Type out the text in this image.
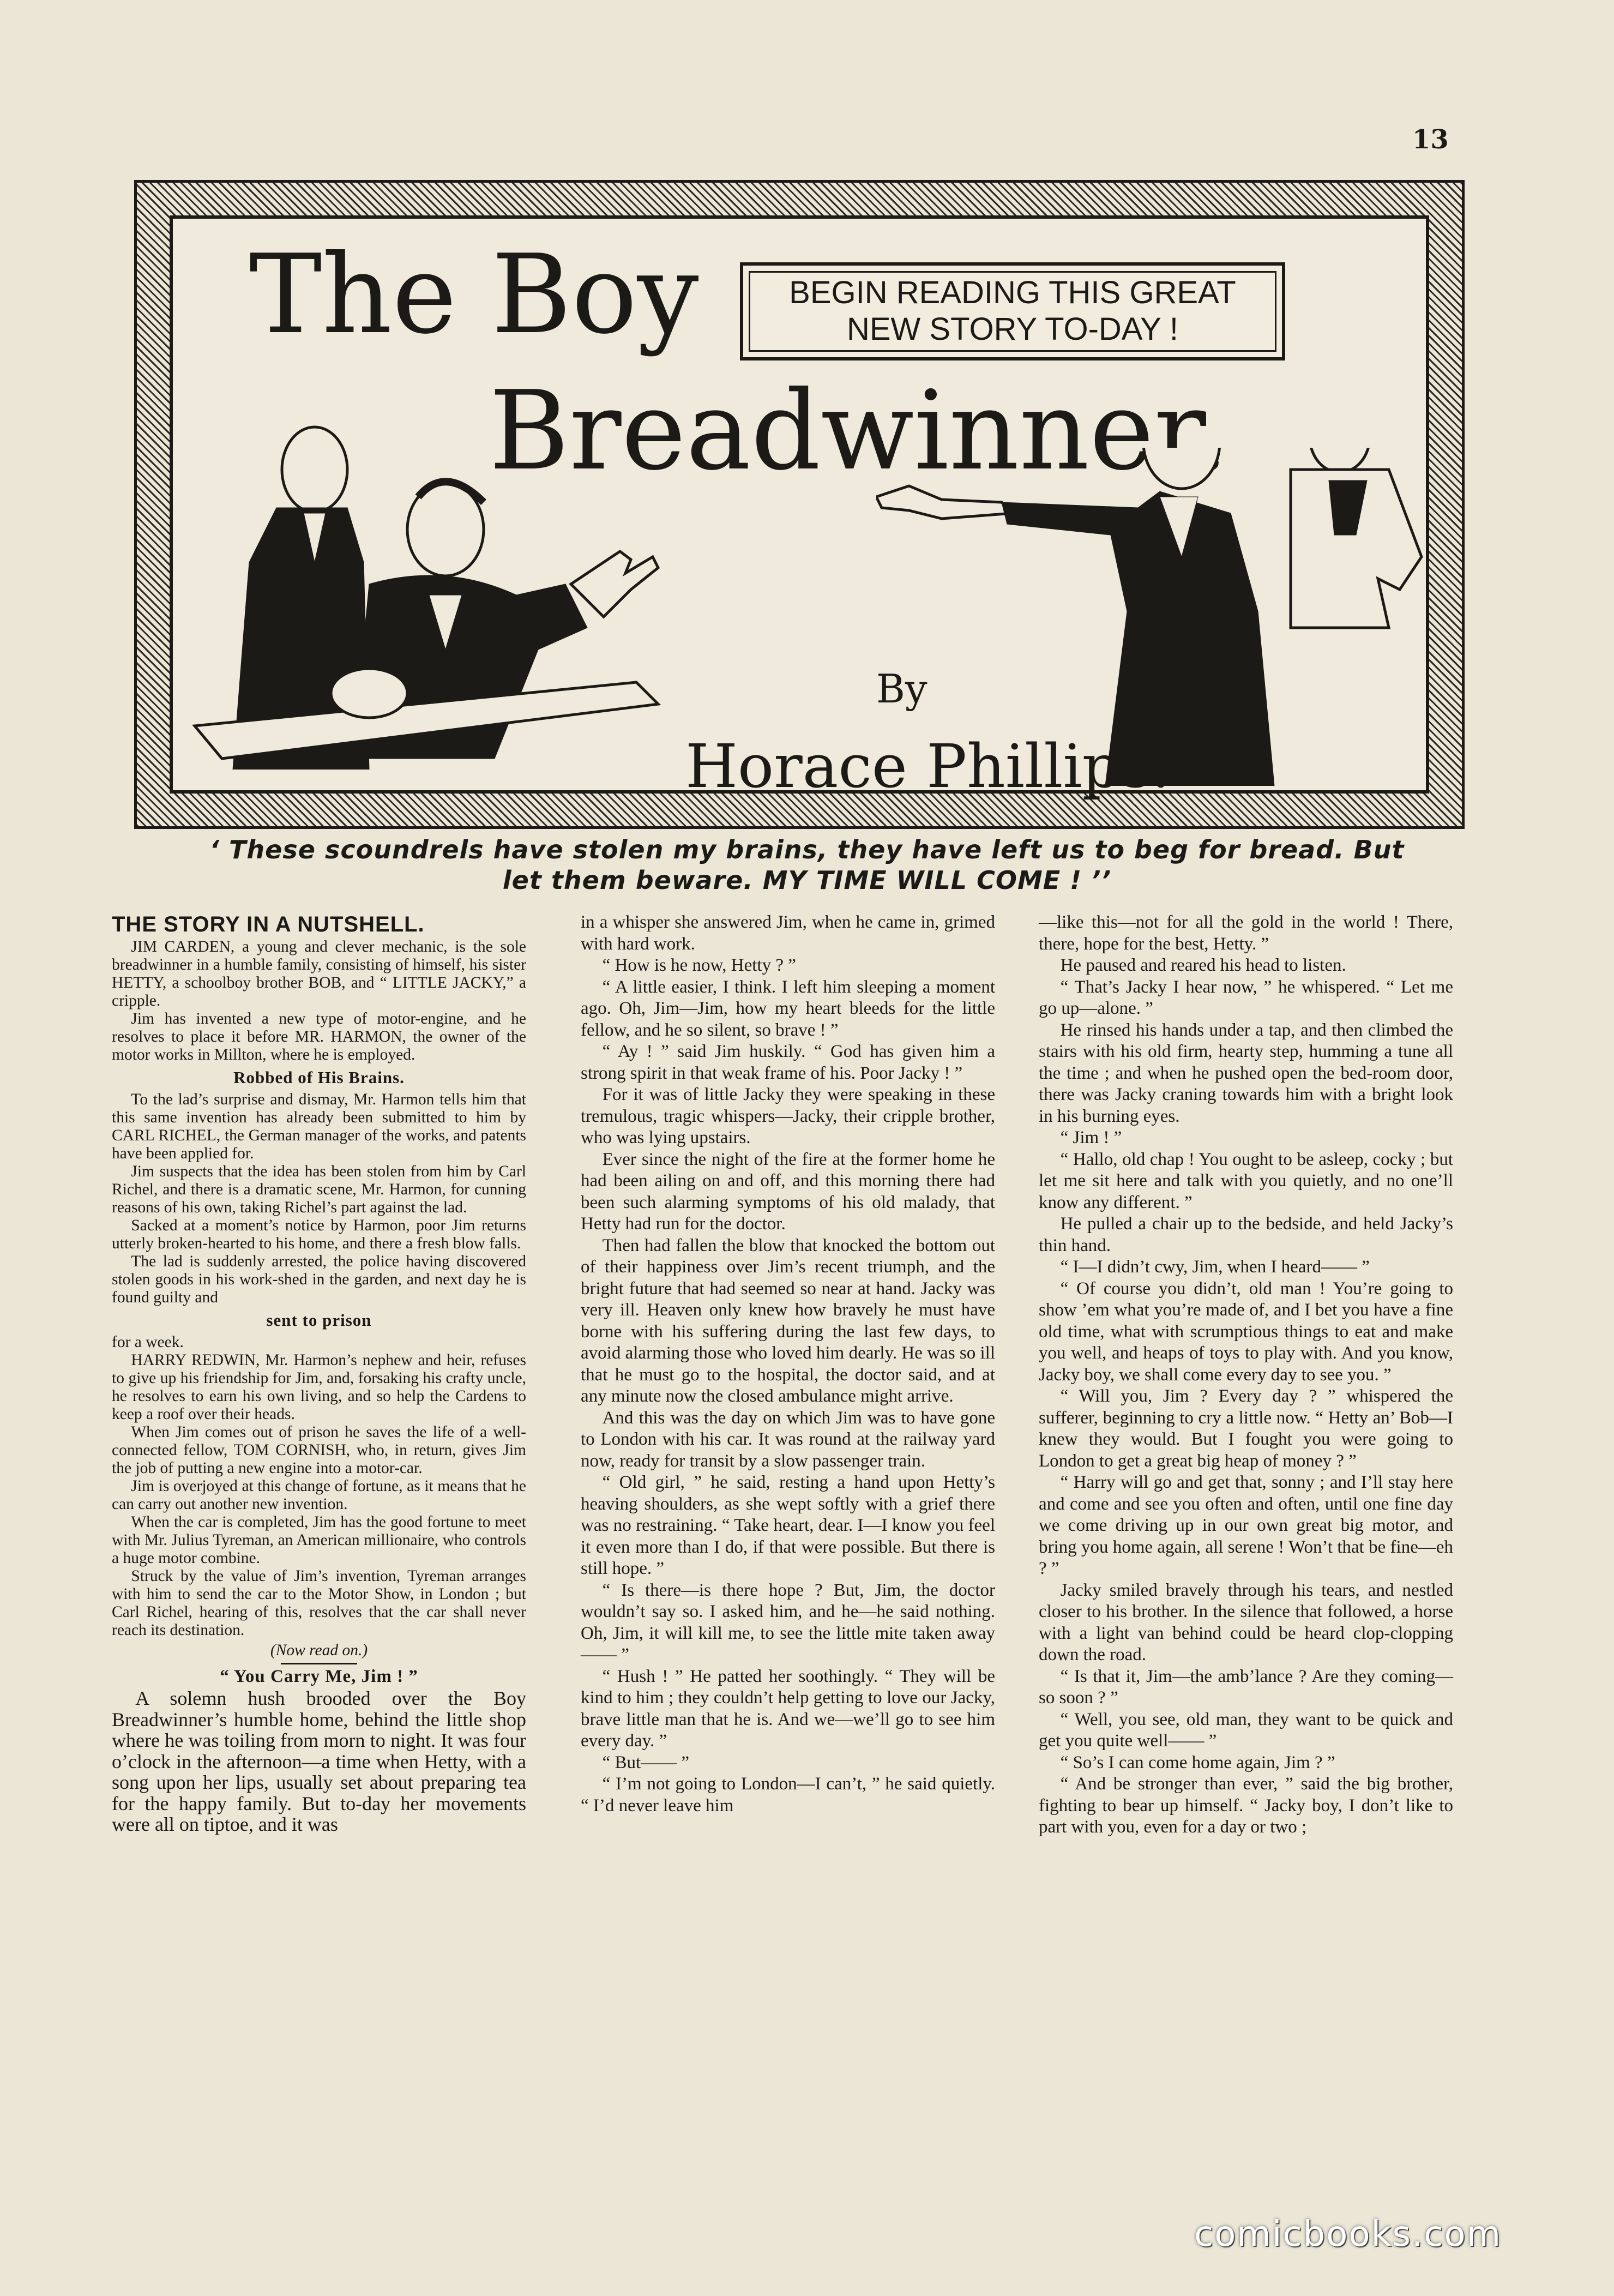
13
The Boy
Breadwinner.
BEGIN READING THIS GREAT
NEW STORY TO-DAY !
By
Horace Phillips.
‘ These scoundrels have stolen my brains, they have left us to beg for bread. But
let them beware. MY TIME WILL COME ! ’’
THE STORY IN A NUTSHELL.

JIM CARDEN, a young and clever mechanic, is the sole breadwinner in a humble family, consisting of himself, his sister HETTY, a schoolboy brother BOB, and “ LITTLE JACKY,” a cripple.

Jim has invented a new type of motor-engine, and he resolves to place it before MR. HARMON, the owner of the motor works in Millton, where he is employed.

Robbed of His Brains.

To the lad’s surprise and dismay, Mr. Harmon tells him that this same invention has already been submitted to him by CARL RICHEL, the German manager of the works, and patents have been applied for.

Jim suspects that the idea has been stolen from him by Carl Richel, and there is a dramatic scene, Mr. Harmon, for cunning reasons of his own, taking Richel’s part against the lad.

Sacked at a moment’s notice by Harmon, poor Jim returns utterly broken-hearted to his home, and there a fresh blow falls.

The lad is suddenly arrested, the police having discovered stolen goods in his work-shed in the garden, and next day he is found guilty and

sent to prison

for a week.

HARRY REDWIN, Mr. Harmon’s nephew and heir, refuses to give up his friendship for Jim, and, forsaking his crafty uncle, he resolves to earn his own living, and so help the Cardens to keep a roof over their heads.

When Jim comes out of prison he saves the life of a well-connected fellow, TOM CORNISH, who, in return, gives Jim the job of putting a new engine into a motor-car.

Jim is overjoyed at this change of fortune, as it means that he can carry out another new invention.

When the car is completed, Jim has the good fortune to meet with Mr. Julius Tyreman, an American millionaire, who controls a huge motor combine.

Struck by the value of Jim’s invention, Tyreman arranges with him to send the car to the Motor Show, in London ; but Carl Richel, hearing of this, resolves that the car shall never reach its destination.

(Now read on.)
“ You Carry Me, Jim ! ”

A solemn hush brooded over the Boy Breadwinner’s humble home, behind the little shop where he was toiling from morn to night. It was four o’clock in the afternoon—a time when Hetty, with a song upon her lips, usually set about preparing tea for the happy family. But to-day her movements were all on tiptoe, and it was

in a whisper she answered Jim, when he came in, grimed with hard work.

“ How is he now, Hetty ? ”

“ A little easier, I think. I left him sleeping a moment ago. Oh, Jim—Jim, how my heart bleeds for the little fellow, and he so silent, so brave ! ”

“ Ay ! ” said Jim huskily. “ God has given him a strong spirit in that weak frame of his. Poor Jacky ! ”

For it was of little Jacky they were speaking in these tremulous, tragic whispers—Jacky, their cripple brother, who was lying upstairs.

Ever since the night of the fire at the former home he had been ailing on and off, and this morning there had been such alarming symptoms of his old malady, that Hetty had run for the doctor.

Then had fallen the blow that knocked the bottom out of their happiness over Jim’s recent triumph, and the bright future that had seemed so near at hand. Jacky was very ill. Heaven only knew how bravely he must have borne with his suffering during the last few days, to avoid alarming those who loved him dearly. He was so ill that he must go to the hospital, the doctor said, and at any minute now the closed ambulance might arrive.

And this was the day on which Jim was to have gone to London with his car. It was round at the railway yard now, ready for transit by a slow passenger train.

“ Old girl, ” he said, resting a hand upon Hetty’s heaving shoulders, as she wept softly with a grief there was no restraining. “ Take heart, dear. I—I know you feel it even more than I do, if that were possible. But there is still hope. ”

“ Is there—is there hope ? But, Jim, the doctor wouldn’t say so. I asked him, and he—he said nothing. Oh, Jim, it will kill me, to see the little mite taken away—— ”

“ Hush ! ” He patted her soothingly. “ They will be kind to him ; they couldn’t help getting to love our Jacky, brave little man that he is. And we—we’ll go to see him every day. ”

“ But—— ”

“ I’m not going to London—I can’t, ” he said quietly. “ I’d never leave him

—like this—not for all the gold in the world ! There, there, hope for the best, Hetty. ”

He paused and reared his head to listen.

“ That’s Jacky I hear now, ” he whispered. “ Let me go up—alone. ”

He rinsed his hands under a tap, and then climbed the stairs with his old firm, hearty step, humming a tune all the time ; and when he pushed open the bed-room door, there was Jacky craning towards him with a bright look in his burning eyes.

“ Jim ! ”

“ Hallo, old chap ! You ought to be asleep, cocky ; but let me sit here and talk with you quietly, and no one’ll know any different. ”

He pulled a chair up to the bedside, and held Jacky’s thin hand.

“ I—I didn’t cwy, Jim, when I heard—— ”

“ Of course you didn’t, old man ! You’re going to show ’em what you’re made of, and I bet you have a fine old time, what with scrumptious things to eat and make you well, and heaps of toys to play with. And you know, Jacky boy, we shall come every day to see you. ”

“ Will you, Jim ? Every day ? ” whispered the sufferer, beginning to cry a little now. “ Hetty an’ Bob—I knew they would. But I fought you were going to London to get a great big heap of money ? ”

“ Harry will go and get that, sonny ; and I’ll stay here and come and see you often and often, until one fine day we come driving up in our own great big motor, and bring you home again, all serene ! Won’t that be fine—eh ? ”

Jacky smiled bravely through his tears, and nestled closer to his brother. In the silence that followed, a horse with a light van behind could be heard clop-clopping down the road.

“ Is that it, Jim—the amb’lance ? Are they coming—so soon ? ”

“ Well, you see, old man, they want to be quick and get you quite well—— ”

“ So’s I can come home again, Jim ? ”

“ And be stronger than ever, ” said the big brother, fighting to bear up himself. “ Jacky boy, I don’t like to part with you, even for a day or two ;

comicbooks.com
